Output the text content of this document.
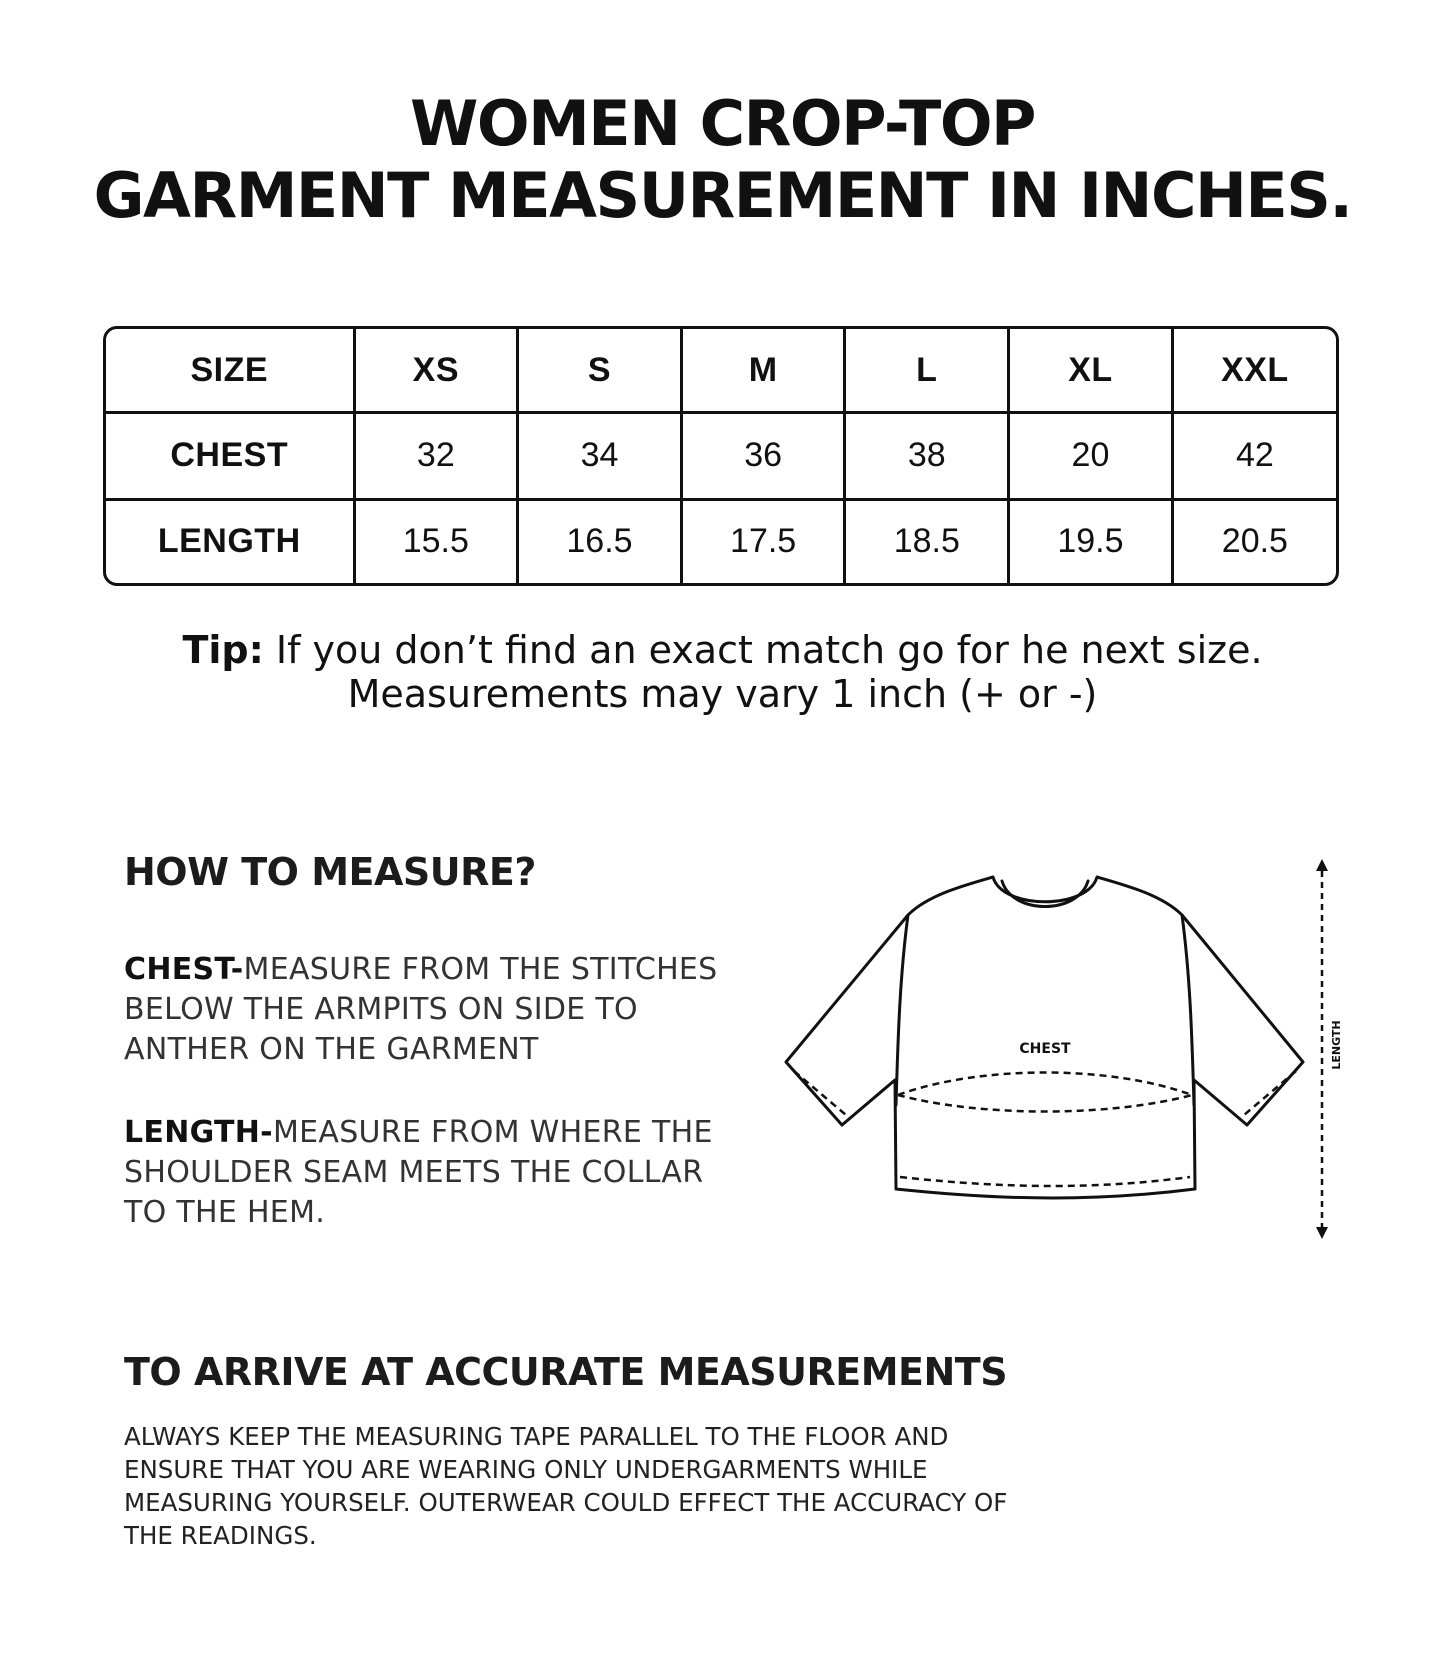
WOMEN CROP-TOP
GARMENT MEASUREMENT IN INCHES.
SIZE	XS	S	M	L	XL	XXL
CHEST	32	34	36	38	20	42
LENGTH	15.5	16.5	17.5	18.5	19.5	20.5
Tip: If you don’t find an exact match go for he next size.
Measurements may vary 1 inch (+ or -)
HOW TO MEASURE?
CHEST-MEASURE FROM THE STITCHES
BELOW THE ARMPITS ON SIDE TO
ANTHER ON THE GARMENT
LENGTH-MEASURE FROM WHERE THE
SHOULDER SEAM MEETS THE COLLAR
TO THE HEM.
CHEST	LENGTH
TO ARRIVE AT ACCURATE MEASUREMENTS
ALWAYS KEEP THE MEASURING TAPE PARALLEL TO THE FLOOR AND
ENSURE THAT YOU ARE WEARING ONLY UNDERGARMENTS WHILE
MEASURING YOURSELF. OUTERWEAR COULD EFFECT THE ACCURACY OF
THE READINGS.
